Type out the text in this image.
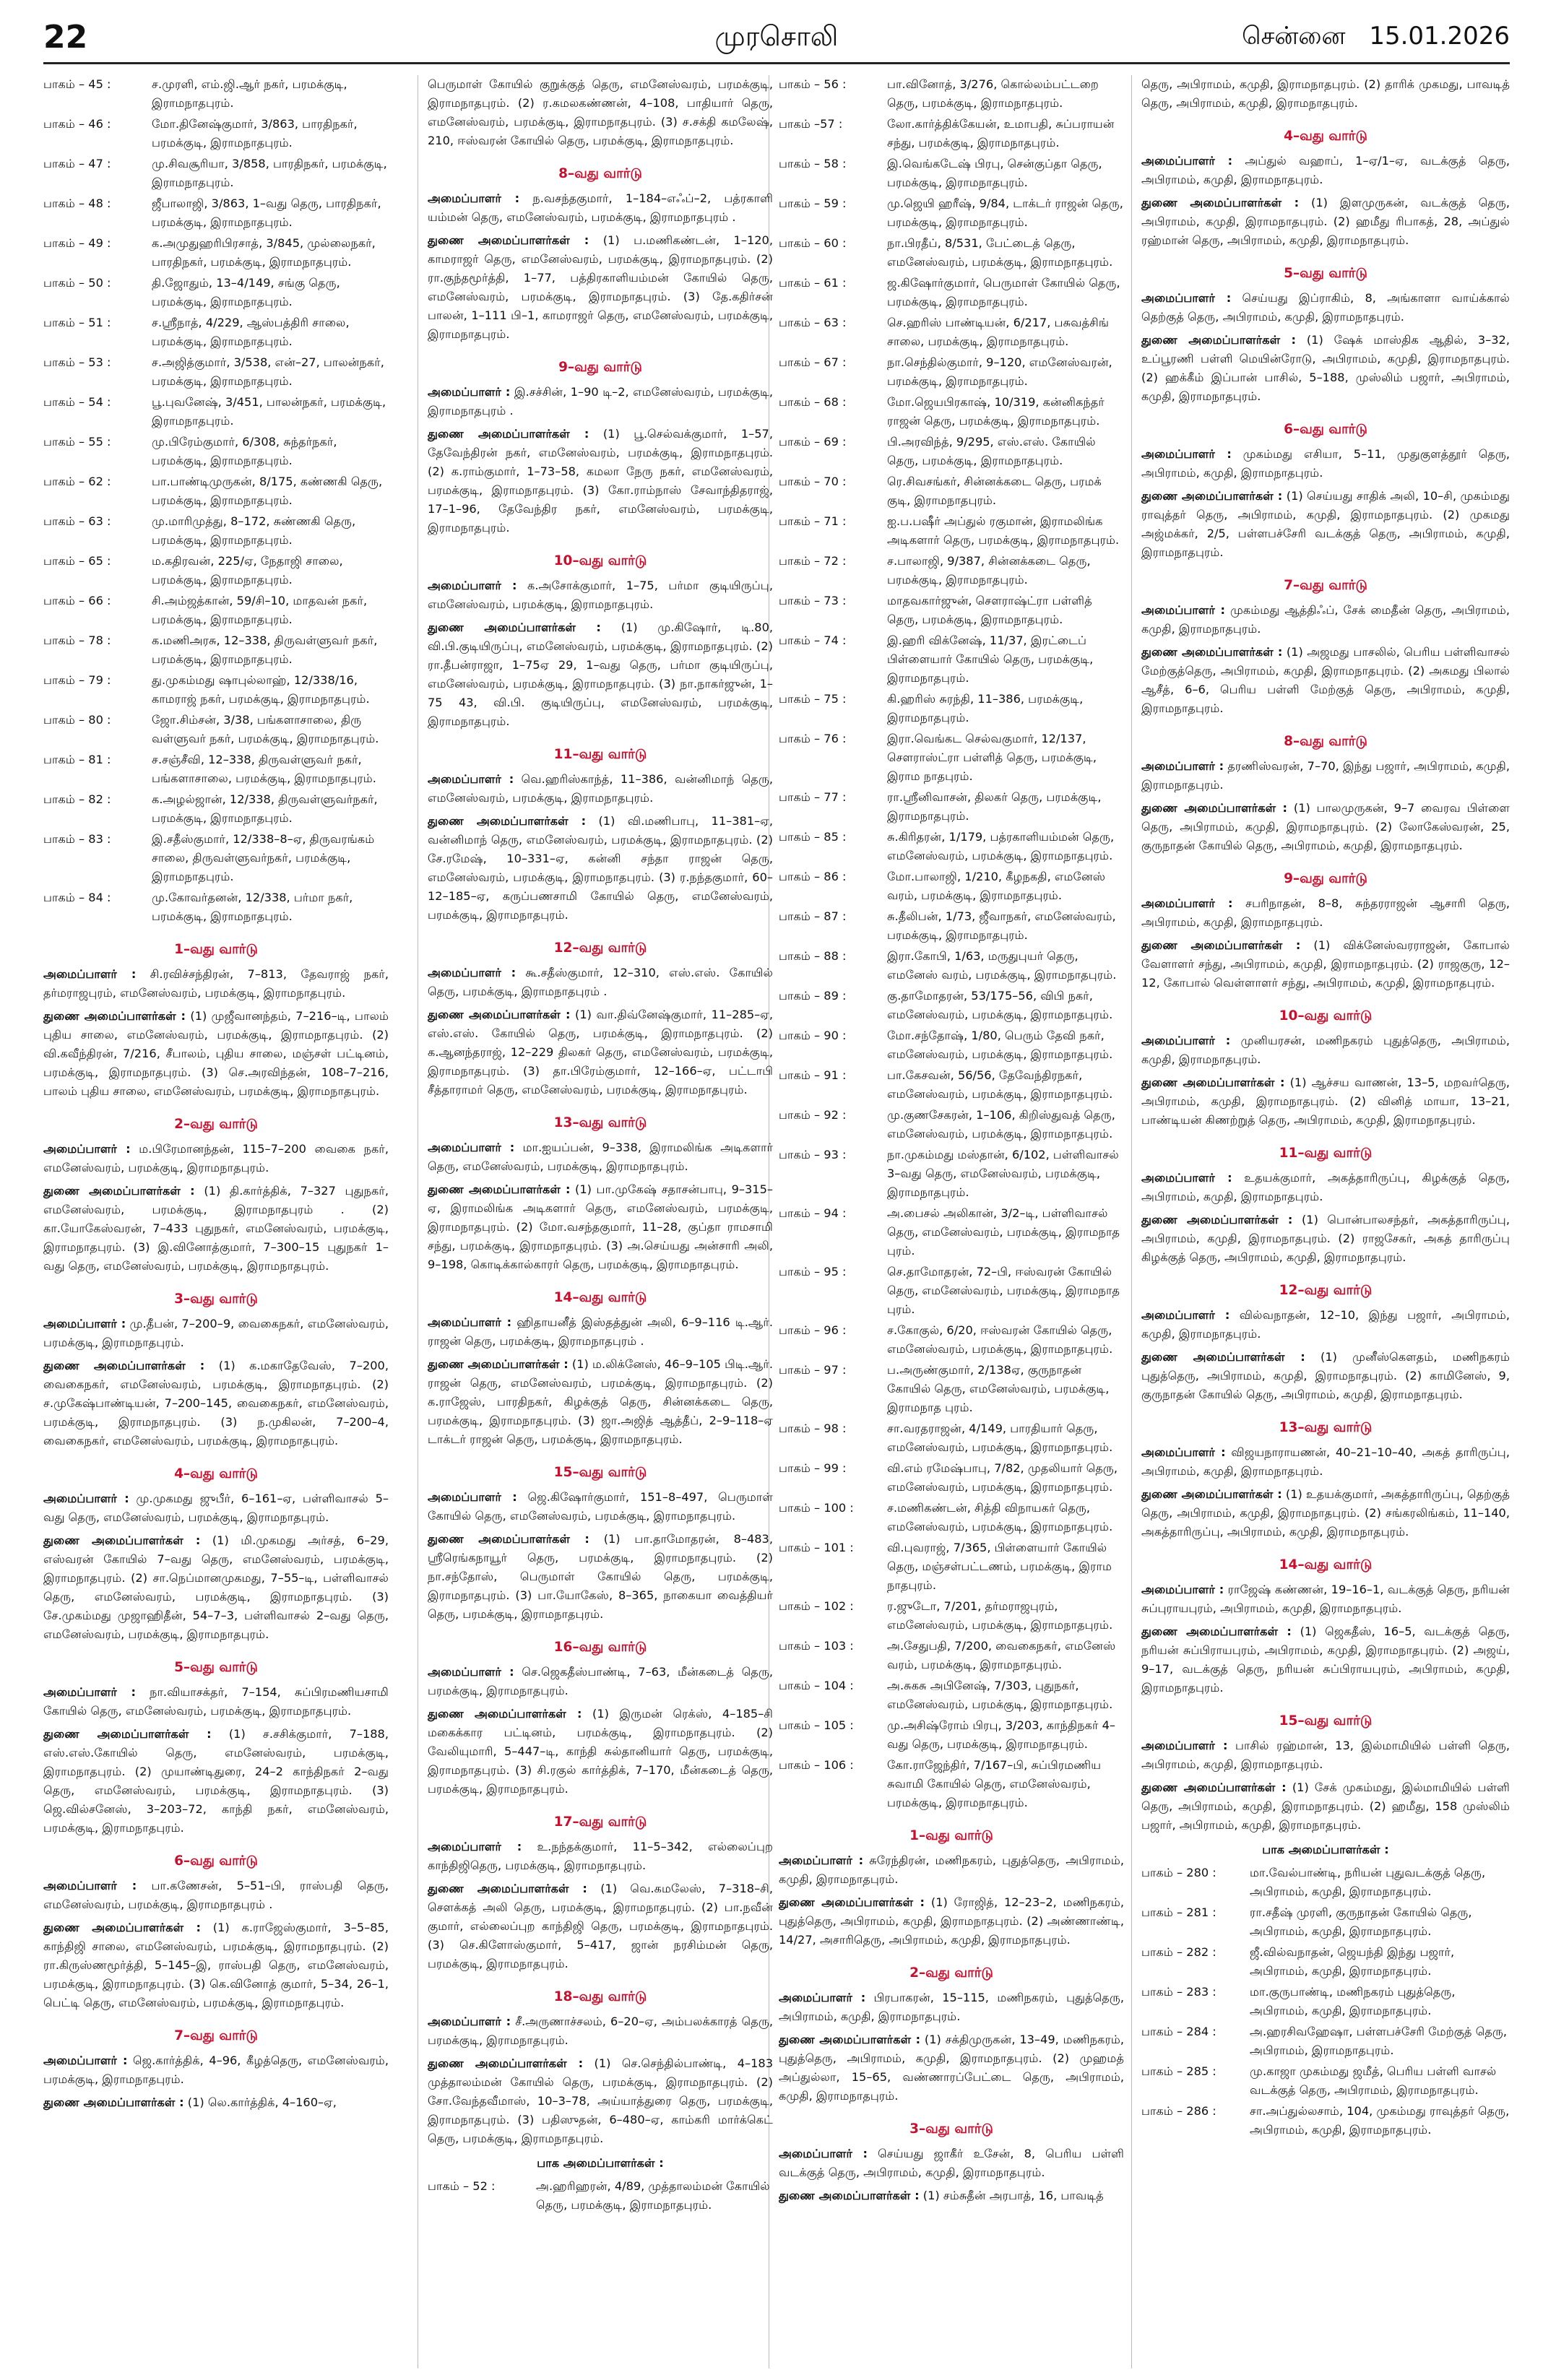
22	முரசொலி	சென்னை 15.01.2026
பாகம் – 45 :	ச.முரளி, எம்.ஜி.ஆர் நகர், பரமக்குடி, இராமநாதபுரம்.
பாகம் – 46 :	மோ.தினேஷ்குமார், 3/863, பாரதிநகர், பரமக்குடி, இராமநாதபுரம்.
பாகம் – 47 :	மு.சிவசூரியா, 3/858, பாரதிநகர், பரமக்குடி, இராமநாதபுரம்.
பாகம் – 48 :	ஜீபாலாஜி, 3/863, 1–வது தெரு, பாரதிநகர், பரமக்குடி, இராமநாதபுரம்.
பாகம் – 49 :	க.அமுதுஹரிபிரசாத், 3/845, முல்லைநகர், பாரதிநகர், பரமக்குடி, இராமநாதபுரம்.
பாகம் – 50 :	தி.ஜோதும், 13–4/149, சங்கு தெரு, பரமக்குடி, இராமநாதபுரம்.
பாகம் – 51 :	ச.ஸ்ரீநாத், 4/229, ஆஸ்பத்திரி சாலை, பரமக்குடி, இராமநாதபுரம்.
பாகம் – 53 :	ச.அஜித்குமார், 3/538, என்–27, பாலன்நகர், பரமக்குடி, இராமநாதபுரம்.
பாகம் – 54 :	பூ.புவனேஷ், 3/451, பாலன்நகர், பரமக்குடி, இராமநாதபுரம்.
பாகம் – 55 :	மு.பிரேம்குமார், 6/308, சுந்தர்நகர், பரமக்குடி, இராமநாதபுரம்.
பாகம் – 62 :	பா.பாண்டிமுருகன், 8/175, கண்ணகி தெரு, பரமக்குடி, இராமநாதபுரம்.
பாகம் – 63 :	மு.மாரிமுத்து, 8–172, சுண்ணகி தெரு, பரமக்குடி, இராமநாதபுரம்.
பாகம் – 65 :	ம.கதிரவன், 225/ஏ, நேதாஜி சாலை, பரமக்குடி, இராமநாதபுரம்.
பாகம் – 66 :	சி.அம்ஜத்கான், 59/சி–10, மாதவன் நகர், பரமக்குடி, இராமநாதபுரம்.
பாகம் – 78 :	க.மணிஅரசு, 12–338, திருவள்ளுவர் நகர், பரமக்குடி, இராமநாதபுரம்.
பாகம் – 79 :	து.முகம்மது ஷாபுல்லாஹ், 12/338/16, காமராஜ் நகர், பரமக்குடி, இராமநாதபுரம்.
பாகம் – 80 :	ஜோ.சிம்சன், 3/38, பங்களாசாலை, திரு வள்ளுவர் நகர், பரமக்குடி, இராமநாதபுரம்.
பாகம் – 81 :	ச.சஞ்சீவி, 12–338, திருவள்ளுவர் நகர், பங்களாசாலை, பரமக்குடி, இராமநாதபுரம்.
பாகம் – 82 :	க.அழல்ஜான், 12/338, திருவள்ளுவர்நகர், பரமக்குடி, இராமநாதபுரம்.
பாகம் – 83 :	இ.சதீஸ்குமார், 12/338–8–ஏ, திருவரங்கம் சாலை, திருவள்ளுவர்நகர், பரமக்குடி, இராமநாதபுரம்.
பாகம் – 84 :	மு.கோவர்தனன், 12/338, பர்மா நகர், பரமக்குடி, இராமநாதபுரம்.
1–வது வார்டு

அமைப்பாளர் : சி.ரவிச்சந்திரன், 7–813, தேவராஜ் நகர், தர்மராஜபுரம், எமனேஸ்வரம், பரமக்குடி, இராமநாதபுரம்.

துணை அமைப்பாளர்கள் : (1) முஜீவானந்தம், 7–216–டி, பாலம் புதிய சாலை, எமனேஸ்வரம், பரமக்குடி, இராமநாதபுரம். (2) வி.கவீந்திரன், 7/216, சீபாலம், புதிய சாலை, மஞ்சள் பட்டினம், பரமக்குடி, இராமநாதபுரம். (3) செ.அரவிந்தன், 108–7–216, பாலம் புதிய சாலை, எமனேஸ்வரம், பரமக்குடி, இராமநாதபுரம்.

2–வது வார்டு

அமைப்பாளர் : ம.பிரேமானந்தன், 115–7–200 வைகை நகர், எமனேஸ்வரம், பரமக்குடி, இராமநாதபுரம்.

துணை அமைப்பாளர்கள் : (1) தி.கார்த்திக், 7–327 புதுநகர், எமனேஸ்வரம், பரமக்குடி, இராமநாதபுரம் . (2) கா.யோகேஸ்வரன், 7–433 புதுநகர், எமனேஸ்வரம், பரமக்குடி, இராமநாதபுரம். (3) இ.வினோத்குமார், 7–300–15 புதுநகர் 1–வது தெரு, எமனேஸ்வரம், பரமக்குடி, இராமநாதபுரம்.

3–வது வார்டு

அமைப்பாளர் : மு.தீபன், 7–200–9, வைகைநகர், எமனேஸ்வரம், பரமக்குடி, இராமநாதபுரம்.

துணை அமைப்பாளர்கள் : (1) க.மகாதேவேஸ், 7–200, வைகைநகர், எமனேஸ்வரம், பரமக்குடி, இராமநாதபுரம். (2) ச.முகேஷ்பாண்டியன், 7–200–145, வைகைநகர், எமனேஸ்வரம், பரமக்குடி, இராமநாதபுரம். (3) ந.முகிலன், 7–200–4, வைகைநகர், எமனேஸ்வரம், பரமக்குடி, இராமநாதபுரம்.

4–வது வார்டு

அமைப்பாளர் : மு.முகமது ஜுபீர், 6–161–ஏ, பள்ளிவாசல் 5–வது தெரு, எமனேஸ்வரம், பரமக்குடி, இராமநாதபுரம்.

துணை அமைப்பாளர்கள் : (1) மி.முகமது அர்சத், 6–29, எஸ்வரன் கோயில் 7–வது தெரு, எமனேஸ்வரம், பரமக்குடி, இராமநாதபுரம். (2) சா.நெப்மானமுகமது, 7–55–டி, பள்ளிவாசல் தெரு, எமனேஸ்வரம், பரமக்குடி, இராமநாதபுரம். (3) சே.முகம்மது முஜாஹிதீன், 54–7–3, பள்ளிவாசல் 2–வது தெரு, எமனேஸ்வரம், பரமக்குடி, இராமநாதபுரம்.

5–வது வார்டு

அமைப்பாளர் : நா.வியாசக்தர், 7–154, சுப்பிரமணியசாமி கோயில் தெரு, எமனேஸ்வரம், பரமக்குடி, இராமநாதபுரம்.

துணை அமைப்பாளர்கள் : (1) ச.சசிக்குமார், 7–188, எஸ்.எஸ்.கோயில் தெரு, எமனேஸ்வரம், பரமக்குடி, இராமநாதபுரம். (2) முயாண்டிதுரை, 24–2 காந்திநகர் 2–வது தெரு, எமனேஸ்வரம், பரமக்குடி, இராமநாதபுரம். (3) ஜெ.வில்சனேஸ், 3–203–72, காந்தி நகர், எமனேஸ்வரம், பரமக்குடி, இராமநாதபுரம்.

6–வது வார்டு

அமைப்பாளர் : பா.கணேசன், 5–51–பி, ராஸ்பதி தெரு, எமனேஸ்வரம், பரமக்குடி, இராமநாதபுரம் .

துணை அமைப்பாளர்கள் : (1) க.ராஜேஸ்குமார், 3–5–85, காந்திஜி சாலை, எமனேஸ்வரம், பரமக்குடி, இராமநாதபுரம். (2) ரா.கிருஸ்ணமூர்த்தி, 5–145–இ, ராஸ்பதி தெரு, எமனேஸ்வரம், பரமக்குடி, இராமநாதபுரம். (3) கெ.வினோத் குமார், 5–34, 26–1, பெட்டி தெரு, எமனேஸ்வரம், பரமக்குடி, இராமநாதபுரம்.

7–வது வார்டு

அமைப்பாளர் : ஜெ.கார்த்திக், 4–96, கீழத்தெரு, எமனேஸ்வரம், பரமக்குடி, இராமநாதபுரம்.

துணை அமைப்பாளர்கள் : (1) லெ.கார்த்திக், 4–160–ஏ,

பெருமாள் கோயில் குறுக்குத் தெரு, எமனேஸ்வரம், பரமக்குடி, இராமநாதபுரம். (2) ர.கமலகண்ணன், 4–108, பாதியார் தெரு, எமனேஸ்வரம், பரமக்குடி, இராமநாதபுரம். (3) ச.சக்தி கமலேஷ், 210, ஈஸ்வரன் கோயில் தெரு, பரமக்குடி, இராமநாதபுரம்.

8–வது வார்டு

அமைப்பாளர் : ந.வசந்தகுமார், 1–184–எஃப்–2, பத்ரகாளி யம்மன் தெரு, எமனேஸ்வரம், பரமக்குடி, இராமநாதபுரம் .

துணை அமைப்பாளர்கள் : (1) ப.மணிகண்டன், 1–120, காமராஜர் தெரு, எமனேஸ்வரம், பரமக்குடி, இராமநாதபுரம். (2) ரா.குந்தமூர்த்தி, 1–77, பத்திரகாளியம்மன் கோயில் தெரு, எமனேஸ்வரம், பரமக்குடி, இராமநாதபுரம். (3) தே.கதிர்சன் பாலன், 1–111 பி–1, காமராஜர் தெரு, எமனேஸ்வரம், பரமக்குடி, இராமநாதபுரம்.

9–வது வார்டு

அமைப்பாளர் : இ.சச்சின், 1–90 டி–2, எமனேஸ்வரம், பரமக்குடி, இராமநாதபுரம் .

துணை அமைப்பாளர்கள் : (1) பூ.செல்வக்குமார், 1–57, தேவேந்திரன் நகர், எமனேஸ்வரம், பரமக்குடி, இராமநாதபுரம். (2) க.ராம்குமார், 1–73–58, கமலா நேரு நகர், எமனேஸ்வரம், பரமக்குடி, இராமநாதபுரம். (3) கோ.ராம்நாஸ் சேவாந்திதராஜ், 17–1–96, தேவேந்திர நகர், எமனேஸ்வரம், பரமக்குடி, இராமநாதபுரம்.

10–வது வார்டு

அமைப்பாளர் : க.அசோக்குமார், 1–75, பர்மா குடியிருப்பு, எமனேஸ்வரம், பரமக்குடி, இராமநாதபுரம்.

துணை அமைப்பாளர்கள் : (1) மு.கிஷோர், டி.80, வி.பி.குடியிருப்பு, எமனேஸ்வரம், பரமக்குடி, இராமநாதபுரம். (2) ரா.தீபன்ராஜா, 1–75ஏ 29, 1–வது தெரு, பர்மா குடியிருப்பு, எமனேஸ்வரம், பரமக்குடி, இராமநாதபுரம். (3) நா.நாகர்ஜுன், 1–75 43, வி.பி. குடியிருப்பு, எமனேஸ்வரம், பரமக்குடி, இராமநாதபுரம்.

11–வது வார்டு

அமைப்பாளர் : வெ.ஹரிஸ்காந்த், 11–386, வன்னிமாந் தெரு, எமனேஸ்வரம், பரமக்குடி, இராமநாதபுரம்.

துணை அமைப்பாளர்கள் : (1) வி.மணிபாபு, 11–381–ஏ, வன்னிமாந் தெரு, எமனேஸ்வரம், பரமக்குடி, இராமநாதபுரம். (2) சே.ரமேஷ், 10–331–ஏ, கன்னி சந்தா ராஜன் தெரு, எமனேஸ்வரம், பரமக்குடி, இராமநாதபுரம். (3) ர.நந்தகுமார், 60–12–185–ஏ, கருப்பணசாமி கோயில் தெரு, எமனேஸ்வரம், பரமக்குடி, இராமநாதபுரம்.

12–வது வார்டு

அமைப்பாளர் : கூ.சதீஸ்குமார், 12–310, எஸ்.எஸ். கோயில் தெரு, பரமக்குடி, இராமநாதபுரம் .

துணை அமைப்பாளர்கள் : (1) வா.திவ்னேஷ்குமார், 11–285–ஏ, எஸ்.எஸ். கோயில் தெரு, பரமக்குடி, இராமநாதபுரம். (2) க.ஆனந்தராஜ், 12–229 திலகர் தெரு, எமனேஸ்வரம், பரமக்குடி, இராமநாதபுரம். (3) தா.பிரேம்குமார், 12–166–ஏ, பட்டாபி சீத்தாராமர் தெரு, எமனேஸ்வரம், பரமக்குடி, இராமநாதபுரம்.

13–வது வார்டு

அமைப்பாளர் : மா.ஐயப்பன், 9–338, இராமலிங்க அடிகளார் தெரு, எமனேஸ்வரம், பரமக்குடி, இராமநாதபுரம்.

துணை அமைப்பாளர்கள் : (1) பா.முகேஷ் சதாசன்பாபு, 9–315–ஏ, இராமலிங்க அடிகளார் தெரு, எமனேஸ்வரம், பரமக்குடி, இராமநாதபுரம். (2) மோ.வசந்தகுமார், 11–28, குப்தா ராமசாமி சந்து, பரமக்குடி, இராமநாதபுரம். (3) அ.செய்யது அன்சாரி அலி, 9–198, கொடிக்கால்காரர் தெரு, பரமக்குடி, இராமநாதபுரம்.

14–வது வார்டு

அமைப்பாளர் : ஹிதாயனீத் இஸ்தத்துன் அலி, 6–9–116 டி.ஆர். ராஜன் தெரு, பரமக்குடி, இராமநாதபுரம் .

துணை அமைப்பாளர்கள் : (1) ம.லிக்னேஸ், 46–9–105 பிடி.ஆர். ராஜன் தெரு, எமனேஸ்வரம், பரமக்குடி, இராமநாதபுரம். (2) க.ராஜேஸ், பாரதிநகர், கிழக்குத் தெரு, சின்னக்கடை தெரு, பரமக்குடி, இராமநாதபுரம். (3) ஜா.அஜித் ஆத்தீப், 2–9–118–ஏ டாக்டர் ராஜன் தெரு, பரமக்குடி, இராமநாதபுரம்.

15–வது வார்டு

அமைப்பாளர் : ஜெ.கிஷோர்குமார், 151–8–497, பெருமாள் கோயில் தெரு, எமனேஸ்வரம், பரமக்குடி, இராமநாதபுரம்.

துணை அமைப்பாளர்கள் : (1) பா.தாமோதரன், 8–483, ஸ்ரீரெங்கநாயூர் தெரு, பரமக்குடி, இராமநாதபுரம். (2) நா.சந்தோஸ், பெருமாள் கோயில் தெரு, பரமக்குடி, இராமநாதபுரம். (3) பா.யோகேஸ், 8–365, நாகையா வைத்தியர் தெரு, பரமக்குடி, இராமநாதபுரம்.

16–வது வார்டு

அமைப்பாளர் : செ.ஜெகதீஸ்பாண்டி, 7–63, மீன்கடைத் தெரு, பரமக்குடி, இராமநாதபுரம்.

துணை அமைப்பாளர்கள் : (1) இருமன் ரெக்ஸ், 4–185–சி மகைக்கார பட்டினம், பரமக்குடி, இராமநாதபுரம். (2) வேலியுமாரி, 5–447–டி, காந்தி சுல்தானியார் தெரு, பரமக்குடி, இராமநாதபுரம். (3) சி.ரகுல் கார்த்திக், 7–170, மீன்கடைத் தெரு, பரமக்குடி, இராமநாதபுரம்.

17–வது வார்டு

அமைப்பாளர் : உ.நந்தக்குமார், 11–5–342, எல்லைப்புற காந்திஜிதெரு, பரமக்குடி, இராமநாதபுரம்.

துணை அமைப்பாளர்கள் : (1) வெ.கமலேஸ், 7–318–சி, சௌக்கத் அலி தெரு, பரமக்குடி, இராமநாதபுரம். (2) பா.நவீன் குமார், எல்லைப்புற காந்திஜி தெரு, பரமக்குடி, இராமநாதபுரம். (3) செ.கிளோஸ்குமார், 5–417, ஜான் நரசிம்மன் தெரு, பரமக்குடி, இராமநாதபுரம்.

18–வது வார்டு

அமைப்பாளர் : சீ.அருணாச்சலம், 6–20–ஏ, அம்பலக்காரத் தெரு, பரமக்குடி, இராமநாதபுரம்.

துணை அமைப்பாளர்கள் : (1) செ.செந்தில்பாண்டி, 4–183 முத்தாலம்மன் கோயில் தெரு, பரமக்குடி, இராமநாதபுரம். (2) சோ.வேந்தவீமாஸ், 10–3–78, அய்யாத்துரை தெரு, பரமக்குடி, இராமநாதபுரம். (3) பதிஸுதன், 6–480–ஏ, காம்கரி மார்க்கெட் தெரு, பரமக்குடி, இராமநாதபுரம்.

பாக அமைப்பாளர்கள் :
பாகம் – 52 :	அ.ஹரிஹரன், 4/89, முத்தாலம்மன் கோயில் தெரு, பரமக்குடி, இராமநாதபுரம்.
பாகம் – 56 :	பா.வினோத், 3/276, கொல்லம்பட்டறை தெரு, பரமக்குடி, இராமநாதபுரம்.
பாகம் –57 :	லோ.கார்த்திக்கேயன், உமாபதி, சுப்பராயன் சந்து, பரமக்குடி, இராமநாதபுரம்.
பாகம் – 58 :	இ.வெங்கடேஷ் பிரபு, சென்குப்தா தெரு, பரமக்குடி, இராமநாதபுரம்.
பாகம் – 59 :	மு.ஜெயி ஹரீஷ், 9/84, டாக்டர் ராஜன் தெரு, பரமக்குடி, இராமநாதபுரம்.
பாகம் – 60 :	நா.பிரதீப், 8/531, பேட்டைத் தெரு, எமனேஸ்வரம், பரமக்குடி, இராமநாதபுரம்.
பாகம் – 61 :	ஜ.கிஷோர்குமார், பெருமாள் கோயில் தெரு, பரமக்குடி, இராமநாதபுரம்.
பாகம் – 63 :	செ.ஹரிஸ் பாண்டியன், 6/217, பசுவத்சிங் சாலை, பரமக்குடி, இராமநாதபுரம்.
பாகம் – 67 :	நா.செந்தில்குமார், 9–120, எமனேஸ்வரன், பரமக்குடி, இராமநாதபுரம்.
பாகம் – 68 :	மோ.ஜெயபிரகாஷ், 10/319, கன்னிகந்தர் ராஜன் தெரு, பரமக்குடி, இராமநாதபுரம்.
பாகம் – 69 :	பி.அரவிந்த், 9/295, எஸ்.எஸ். கோயில் தெரு, பரமக்குடி, இராமநாதபுரம்.
பாகம் – 70 :	ரெ.சிவசங்கர், சின்னக்கடை தெரு, பரமக் குடி, இராமநாதபுரம்.
பாகம் – 71 :	ஐ.ப.பஷீர் அப்துல் ரகுமான், இராமலிங்க அடிகளார் தெரு, பரமக்குடி, இராமநாதபுரம்.
பாகம் – 72 :	ச.பாலாஜி, 9/387, சின்னக்கடை தெரு, பரமக்குடி, இராமநாதபுரம்.
பாகம் – 73 :	மாதவகார்ஜுன், சௌராஷ்ட்ரா பள்ளித் தெரு, பரமக்குடி, இராமநாதபுரம்.
பாகம் – 74 :	இ.ஹரி விக்னேஷ், 11/37, இரட்டைப் பிள்ளையார் கோயில் தெரு, பரமக்குடி, இராமநாதபுரம்.
பாகம் – 75 :	கி.ஹரிஸ் சுரந்தி, 11–386, பரமக்குடி, இராமநாதபுரம்.
பாகம் – 76 :	இரா.வெங்கட செல்வகுமார், 12/137, சௌராஸ்ட்ரா பள்ளித் தெரு, பரமக்குடி, இராம நாதபுரம்.
பாகம் – 77 :	ரா.ஸ்ரீனிவாசன், திலகர் தெரு, பரமக்குடி, இராமநாதபுரம்.
பாகம் – 85 :	சு.கிரிதரன், 1/179, பத்ரகாளியம்மன் தெரு, எமனேஸ்வரம், பரமக்குடி, இராமநாதபுரம்.
பாகம் – 86 :	மோ.பாலாஜி, 1/210, கீழநகதி, எமனேஸ் வரம், பரமக்குடி, இராமநாதபுரம்.
பாகம் – 87 :	சு.தீலிபன், 1/73, ஜீவாநகர், எமனேஸ்வரம், பரமக்குடி, இராமநாதபுரம்.
பாகம் – 88 :	இரா.கோபி, 1/63, மருதுபுயர் தெரு, எமனேஸ் வரம், பரமக்குடி, இராமநாதபுரம்.
பாகம் – 89 :	கு.தாமோதரன், 53/175–56, விபி நகர், எமனேஸ்வரம், பரமக்குடி, இராமநாதபுரம்.
பாகம் – 90 :	மோ.சந்தோஷ், 1/80, பெரும் தேவி நகர், எமனேஸ்வரம், பரமக்குடி, இராமநாதபுரம்.
பாகம் – 91 :	பா.கேசவன், 56/56, தேவேந்திரநகர், எமனேஸ்வரம், பரமக்குடி, இராமநாதபுரம்.
பாகம் – 92 :	மு.குணசேகரன், 1–106, கிறிஸ்துவத் தெரு, எமனேஸ்வரம், பரமக்குடி, இராமநாதபுரம்.
பாகம் – 93 :	நா.முகம்மது மஸ்தான், 6/102, பள்ளிவாசல் 3–வது தெரு, எமனேஸ்வரம், பரமக்குடி, இராமநாதபுரம்.
பாகம் – 94 :	அ.பைசல் அலிகான், 3/2–டி, பள்ளிவாசல் தெரு, எமனேஸ்வரம், பரமக்குடி, இராமநாத புரம்.
பாகம் – 95 :	செ.தாமோதரன், 72–பி, ஈஸ்வரன் கோயில் தெரு, எமனேஸ்வரம், பரமக்குடி, இராமநாத புரம்.
பாகம் – 96 :	ச.கோகுல், 6/20, ஈஸ்வரன் கோயில் தெரு, எமனேஸ்வரம், பரமக்குடி, இராமநாதபுரம்.
பாகம் – 97 :	ப.அருண்குமார், 2/138ஏ, குருநாதன் கோயில் தெரு, எமனேஸ்வரம், பரமக்குடி, இராமநாத புரம்.
பாகம் – 98 :	சா.வரதராஜன், 4/149, பாரதியார் தெரு, எமனேஸ்வரம், பரமக்குடி, இராமநாதபுரம்.
பாகம் – 99 :	வி.எம் ரமேஷ்பாபு, 7/82, முதலியார் தெரு, எமனேஸ்வரம், பரமக்குடி, இராமநாதபுரம்.
பாகம் – 100 :	ச.மணிகண்டன், சித்தி விநாயகர் தெரு, எமனேஸ்வரம், பரமக்குடி, இராமநாதபுரம்.
பாகம் – 101 :	வி.புவராஜ், 7/365, பிள்ளையார் கோயில் தெரு, மஞ்சள்பட்டணம், பரமக்குடி, இராம நாதபுரம்.
பாகம் – 102 :	ர.ஜுடோ, 7/201, தர்மராஜபுரம், எமனேஸ்வரம், பரமக்குடி, இராமநாதபுரம்.
பாகம் – 103 :	அ.சேதுபதி, 7/200, வைகைநகர், எமனேஸ் வரம், பரமக்குடி, இராமநாதபுரம்.
பாகம் – 104 :	அ.சுகசு அபினேஷ், 7/303, புதுநகர், எமனேஸ்வரம், பரமக்குடி, இராமநாதபுரம்.
பாகம் – 105 :	மு.அசிஷ்ரோம் பிரபு, 3/203, காந்திநகர் 4–வது தெரு, பரமக்குடி, இராமநாதபுரம்.
பாகம் – 106 :	கோ.ராஜேந்திர், 7/167–பி, சுப்பிரமணிய சுவாமி கோயில் தெரு, எமனேஸ்வரம், பரமக்குடி, இராமநாதபுரம்.
1–வது வார்டு

அமைப்பாளர் : சுரேந்திரன், மணிநகரம், புதுத்தெரு, அபிராமம், கமுதி, இராமநாதபுரம்.

துணை அமைப்பாளர்கள் : (1) ரோஜித், 12–23–2, மணிநகரம், புதுத்தெரு, அபிராமம், கமுதி, இராமநாதபுரம். (2) அண்ணாண்டி, 14/27, அசாரிதெரு, அபிராமம், கமுதி, இராமநாதபுரம்.

2–வது வார்டு

அமைப்பாளர் : பிரபாகரன், 15–115, மணிநகரம், புதுத்தெரு, அபிராமம், கமுதி, இராமநாதபுரம்.

துணை அமைப்பாளர்கள் : (1) சக்திமுருகன், 13–49, மணிநகரம், புதுத்தெரு, அபிராமம், கமுதி, இராமநாதபுரம். (2) முஹமத் அப்துல்லா, 15–65, வண்ணாரப்பேட்டை தெரு, அபிராமம், கமுதி, இராமநாதபுரம்.

3–வது வார்டு

அமைப்பாளர் : செய்யது ஜாகீர் உசேன், 8, பெரிய பள்ளி வடக்குத் தெரு, அபிராமம், கமுதி, இராமநாதபுரம்.

துணை அமைப்பாளர்கள் : (1) சம்சுதீன் அரபாத், 16, பாவடித்

தெரு, அபிராமம், கமுதி, இராமநாதபுரம். (2) தாரிக் முகமது, பாவடித் தெரு, அபிராமம், கமுதி, இராமநாதபுரம்.

4–வது வார்டு

அமைப்பாளர் : அப்துல் வஹாப், 1–ஏ/1–ஏ, வடக்குத் தெரு, அபிராமம், கமுதி, இராமநாதபுரம்.

துணை அமைப்பாளர்கள் : (1) இளமுருகன், வடக்குத் தெரு, அபிராமம், கமுதி, இராமநாதபுரம். (2) ஹமீது ரிபாகத், 28, அப்துல் ரஹ்மான் தெரு, அபிராமம், கமுதி, இராமநாதபுரம்.

5–வது வார்டு

அமைப்பாளர் : செய்யது இப்ராகிம், 8, அங்காளா வாய்க்கால் தெற்குத் தெரு, அபிராமம், கமுதி, இராமநாதபுரம்.

துணை அமைப்பாளர்கள் : (1) ஷேக் மாஸ்திக ஆதில், 3–32, உப்பூரணி பள்ளி மெயின்ரோடு, அபிராமம், கமுதி, இராமநாதபுரம். (2) ஹக்கீம் இப்பான் பாசில், 5–188, முஸ்லிம் பஜார், அபிராமம், கமுதி, இராமநாதபுரம்.

6–வது வார்டு

அமைப்பாளர் : முகம்மது எசியா, 5–11, முதுகுளத்தூர் தெரு, அபிராமம், கமுதி, இராமநாதபுரம்.

துணை அமைப்பாளர்கள் : (1) செய்யது சாதிக் அலி, 10–சி, முகம்மது ராவுத்தர் தெரு, அபிராமம், கமுதி, இராமநாதபுரம். (2) முகமது அஜ்மக்கர், 2/5, பள்ளபச்சேரி வடக்குத் தெரு, அபிராமம், கமுதி, இராமநாதபுரம்.

7–வது வார்டு

அமைப்பாளர் : முகம்மது ஆத்திஃப், சேக் மைதீன் தெரு, அபிராமம், கமுதி, இராமநாதபுரம்.

துணை அமைப்பாளர்கள் : (1) அஜமது பாசலில், பெரிய பள்ளிவாசல் மேற்குத்தெரு, அபிராமம், கமுதி, இராமநாதபுரம். (2) அகமது பிலால் ஆசீத், 6–6, பெரிய பள்ளி மேற்குத் தெரு, அபிராமம், கமுதி, இராமநாதபுரம்.

8–வது வார்டு

அமைப்பாளர் : தரணிஸ்வரன், 7–70, இந்து பஜார், அபிராமம், கமுதி, இராமநாதபுரம்.

துணை அமைப்பாளர்கள் : (1) பாலமுருகன், 9–7 வைரவ பிள்ளை தெரு, அபிராமம், கமுதி, இராமநாதபுரம். (2) லோகேஸ்வரன், 25, குருநாதன் கோயில் தெரு, அபிராமம், கமுதி, இராமநாதபுரம்.

9–வது வார்டு

அமைப்பாளர் : சபரிநாதன், 8–8, சுந்தரராஜன் ஆசாரி தெரு, அபிராமம், கமுதி, இராமநாதபுரம்.

துணை அமைப்பாளர்கள் : (1) விக்னேஸ்வரராஜன், கோபால் வேளாளர் சந்து, அபிராமம், கமுதி, இராமநாதபுரம். (2) ராஜகுரு, 12–12, கோபால் வெள்ளாளர் சந்து, அபிராமம், கமுதி, இராமநாதபுரம்.

10–வது வார்டு

அமைப்பாளர் : முனியரசன், மணிநகரம் புதுத்தெரு, அபிராமம், கமுதி, இராமநாதபுரம்.

துணை அமைப்பாளர்கள் : (1) ஆச்சய வாணன், 13–5, மறவர்தெரு, அபிராமம், கமுதி, இராமநாதபுரம். (2) வினித் மாயா, 13–21, பாண்டியன் கிணற்றுத் தெரு, அபிராமம், கமுதி, இராமநாதபுரம்.

11–வது வார்டு

அமைப்பாளர் : உதயக்குமார், அகத்தாரிருப்பு, கிழக்குத் தெரு, அபிராமம், கமுதி, இராமநாதபுரம்.

துணை அமைப்பாளர்கள் : (1) பொன்பாலசந்தர், அகத்தாரிருப்பு, அபிராமம், கமுதி, இராமநாதபுரம். (2) ராஜசேகர், அகத் தாரிருப்பு கிழக்குத் தெரு, அபிராமம், கமுதி, இராமநாதபுரம்.

12–வது வார்டு

அமைப்பாளர் : வில்வநாதன், 12–10, இந்து பஜார், அபிராமம், கமுதி, இராமநாதபுரம்.

துணை அமைப்பாளர்கள் : (1) முனீஸ்கௌதம், மணிநகரம் புதுத்தெரு, அபிராமம், கமுதி, இராமநாதபுரம். (2) காமினேஸ், 9, குருநாதன் கோயில் தெரு, அபிராமம், கமுதி, இராமநாதபுரம்.

13–வது வார்டு

அமைப்பாளர் : விஜயநாராயணன், 40–21–10–40, அகத் தாரிருப்பு, அபிராமம், கமுதி, இராமநாதபுரம்.

துணை அமைப்பாளர்கள் : (1) உதயக்குமார், அகத்தாரிருப்பு, தெற்குத் தெரு, அபிராமம், கமுதி, இராமநாதபுரம். (2) சங்கரலிங்கம், 11–140, அகத்தாரிருப்பு, அபிராமம், கமுதி, இராமநாதபுரம்.

14–வது வார்டு

அமைப்பாளர் : ராஜேஷ் கண்ணன், 19–16–1, வடக்குத் தெரு, நரியன் சுப்புராயபுரம், அபிராமம், கமுதி, இராமநாதபுரம்.

துணை அமைப்பாளர்கள் : (1) ஜெகதீஸ், 16–5, வடக்குத் தெரு, நரியன் சுப்பிராயபுரம், அபிராமம், கமுதி, இராமநாதபுரம். (2) அஜய், 9–17, வடக்குத் தெரு, நரியன் சுப்பிராயபுரம், அபிராமம், கமுதி, இராமநாதபுரம்.

15–வது வார்டு

அமைப்பாளர் : பாசில் ரஹ்மான், 13, இல்மாமியில் பள்ளி தெரு, அபிராமம், கமுதி, இராமநாதபுரம்.

துணை அமைப்பாளர்கள் : (1) சேக் முகம்மது, இல்மாமியில் பள்ளி தெரு, அபிராமம், கமுதி, இராமநாதபுரம். (2) ஹமீது, 158 முஸ்லிம் பஜார், அபிராமம், கமுதி, இராமநாதபுரம்.

பாக அமைப்பாளர்கள் :
பாகம் – 280 :	மா.வேல்பாண்டி, நரியன் புதுவடக்குத் தெரு, அபிராமம், கமுதி, இராமநாதபுரம்.
பாகம் – 281 :	ரா.சதீஷ் முரளி, குருநாதன் கோயில் தெரு, அபிராமம், கமுதி, இராமநாதபுரம்.
பாகம் – 282 :	ஜீ.வில்வநாதன், ஜெயந்தி இந்து பஜார், அபிராமம், கமுதி, இராமநாதபுரம்.
பாகம் – 283 :	மா.குருபாண்டி, மணிநகரம் புதுத்தெரு, அபிராமம், கமுதி, இராமநாதபுரம்.
பாகம் – 284 :	அ.ஹரசிவஹேஷா, பள்ளபச்சேரி மேற்குத் தெரு, அபிராமம், இராமநாதபுரம்.
பாகம் – 285 :	மு.காஜா முகம்மது ஜமீத், பெரிய பள்ளி வாசல் வடக்குத் தெரு, அபிராமம், இராமநாதபுரம்.
பாகம் – 286 :	சா.அப்துல்லசாம், 104, முகம்மது ராவுத்தர் தெரு, அபிராமம், கமுதி, இராமநாதபுரம்.
